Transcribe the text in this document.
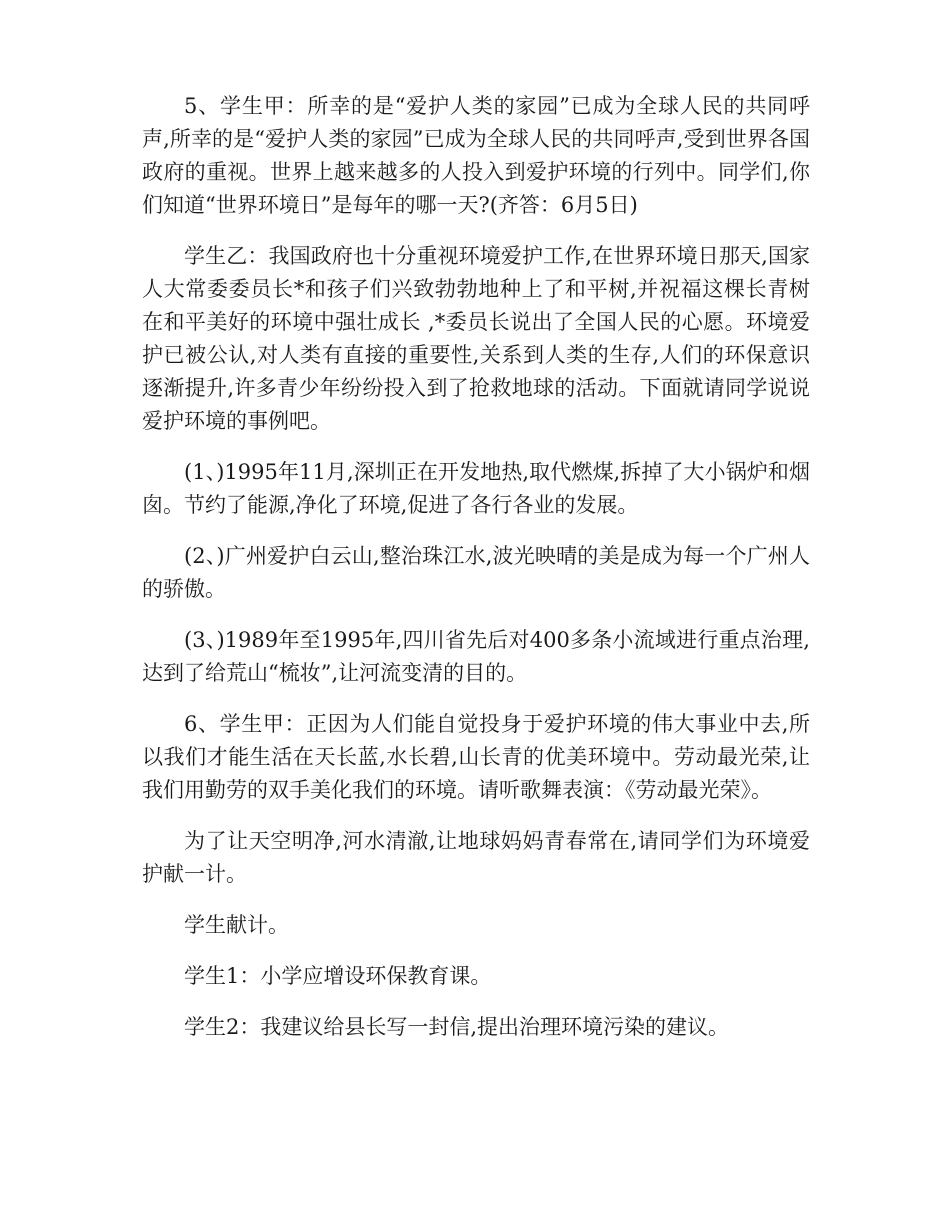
5、学生甲：所幸的是“爱护人类的家园”已成为全球人民的共同呼声,所幸的是“爱护人类的家园”已成为全球人民的共同呼声,受到世界各国政府的重视。世界上越来越多的人投入到爱护环境的行列中。同学们,你们知道“世界环境日”是每年的哪一天?(齐答：6月5日)

学生乙：我国政府也十分重视环境爱护工作,在世界环境日那天,国家人大常委委员长*和孩子们兴致勃勃地种上了和平树,并祝福这棵长青树在和平美好的环境中强壮成长 ,*委员长说出了全国人民的心愿。环境爱护已被公认,对人类有直接的重要性,关系到人类的生存,人们的环保意识逐渐提升,许多青少年纷纷投入到了抢救地球的活动。下面就请同学说说爱护环境的事例吧。

(1、)1995年11月,深圳正在开发地热,取代燃煤,拆掉了大小锅炉和烟囱。节约了能源,净化了环境,促进了各行各业的发展。

(2、)广州爱护白云山,整治珠江水,波光映晴的美是成为每一个广州人的骄傲。

(3、)1989年至1995年,四川省先后对400多条小流域进行重点治理,达到了给荒山“梳妆”,让河流变清的目的。

6、学生甲：正因为人们能自觉投身于爱护环境的伟大事业中去,所以我们才能生活在天长蓝,水长碧,山长青的优美环境中。劳动最光荣,让我们用勤劳的双手美化我们的环境。请听歌舞表演：《劳动最光荣》。

为了让天空明净,河水清澈,让地球妈妈青春常在,请同学们为环境爱护献一计。

学生献计。

学生1：小学应增设环保教育课。

学生2：我建议给县长写一封信,提出治理环境污染的建议。
